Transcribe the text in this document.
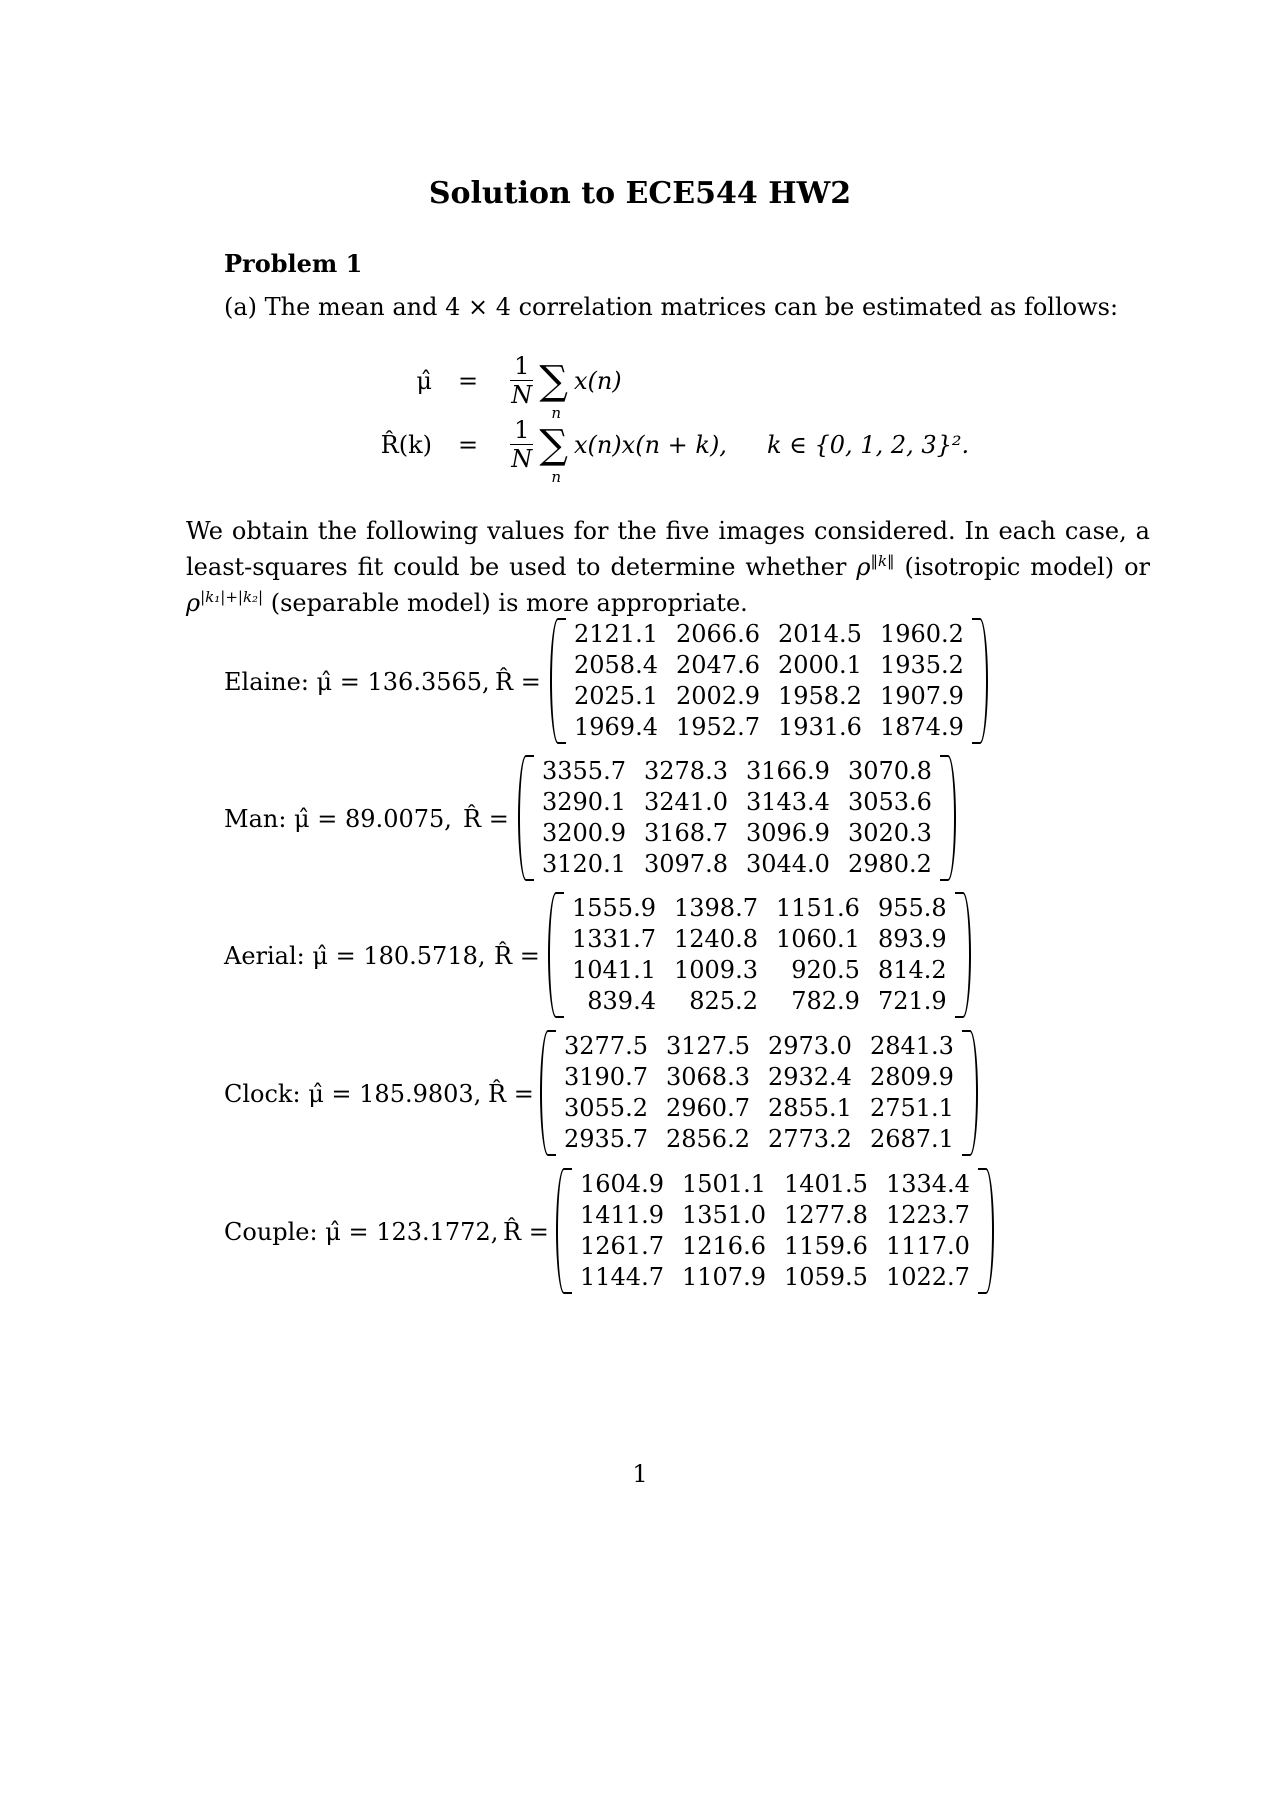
Solution to ECE544 HW2
Problem 1
(a) The mean and 4 × 4 correlation matrices can be estimated as follows:
μ̂ = $\frac{1}{N}$ ∑
n
x(n)
R̂(k) = $\frac{1}{N}$ ∑
n
x(n)x(n + k), k ∈ {0, 1, 2, 3}².
We obtain the following values for the five images considered. In each case, a least-squares fit could be used to determine whether $\rho^{‖k‖}$ (isotropic model) or $\rho^{|k_1|+|k_2|}$ (separable model) is more appropriate.
Elaine: μ̂ = 136.3565, R̂ =
2121.1 2066.6 2014.5 1960.2
2058.4 2047.6 2000.1 1935.2
2025.1 2002.9 1958.2 1907.9
1969.4 1952.7 1931.6 1874.9
Man: μ̂ = 89.0075, R̂ =
3355.7 3278.3 3166.9 3070.8
3290.1 3241.0 3143.4 3053.6
3200.9 3168.7 3096.9 3020.3
3120.1 3097.8 3044.0 2980.2
Aerial: μ̂ = 180.5718, R̂ =
1555.9 1398.7 1151.6 955.8
1331.7 1240.8 1060.1 893.9
1041.1 1009.3	920.5 814.2
839.4	825.2	782.9 721.9
Clock: μ̂ = 185.9803, R̂ =
3277.5 3127.5 2973.0 2841.3
3190.7 3068.3 2932.4 2809.9
3055.2 2960.7 2855.1 2751.1
2935.7 2856.2 2773.2 2687.1
Couple: μ̂ = 123.1772, R̂ =
1604.9 1501.1 1401.5 1334.4
1411.9 1351.0 1277.8 1223.7
1261.7 1216.6 1159.6 1117.0
1144.7 1107.9 1059.5 1022.7
1
